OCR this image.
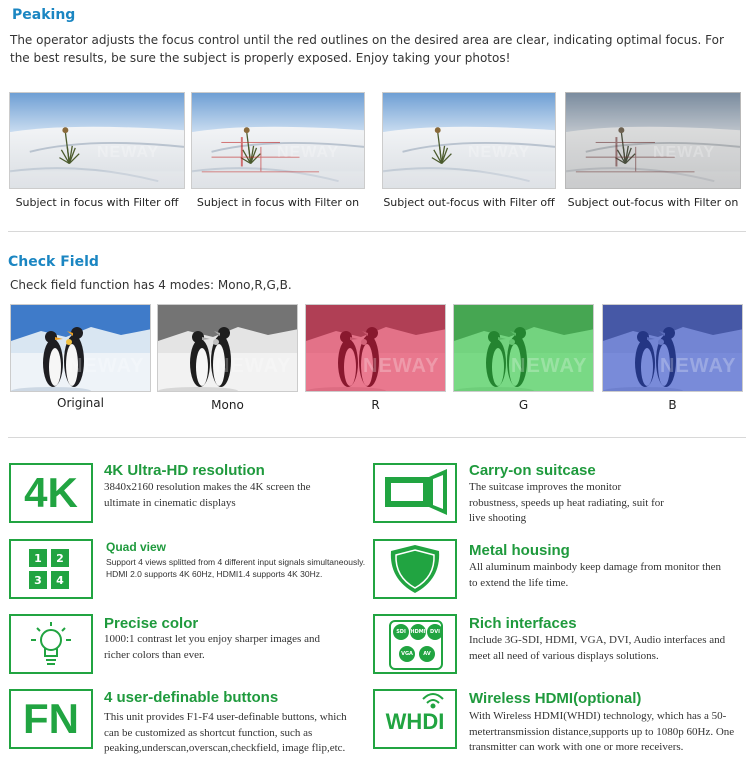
Peaking
The operator adjusts the focus control until the red outlines on the desired area are clear, indicating optimal focus. For the best results, be sure the subject is properly exposed. Enjoy taking your photos!
NEWAY
Subject in focus with Filter off
NEWAY
Subject in focus with Filter on
NEWAY
Subject out-focus with Filter off
NEWAY
Subject out-focus with Filter on
Check Field
Check field function has 4 modes: Mono,R,G,B.
NEWAY
Original
NEWAY
Mono
NEWAY
R
NEWAY
G
NEWAY
B
4K	4K Ultra-HD resolution
3840x2160 resolution makes the 4K screen the ultimate in cinematic displays
Carry-on suitcase
The suitcase improves the monitor robustness, speeds up heat radiating, suit for live shooting
1	2
3	4
Quad view
Support 4 views splitted from 4 different input signals simultaneously. HDMI 2.0 supports 4K 60Hz, HDMI1.4 supports 4K 30Hz.
Metal housing
All aluminum mainbody keep damage from monitor then to extend the life time.
Precise color
1000:1 contrast let you enjoy sharper images and richer colors than ever.
SDI HDMI DVI
VGA	AV
Rich interfaces
Include 3G-SDI, HDMI, VGA, DVI, Audio interfaces and meet all need of various displays solutions.
FN	4 user-definable buttons
This unit provides F1-F4 user-definable buttons, which can be customized as shortcut function, such as peaking,underscan,overscan,checkfield, image flip,etc.
WHDI
Wireless HDMI(optional)
With Wireless HDMI(WHDI) technology, which has a 50-metertransmission distance,supports up to 1080p 60Hz. One transmitter can work with one or more receivers.
